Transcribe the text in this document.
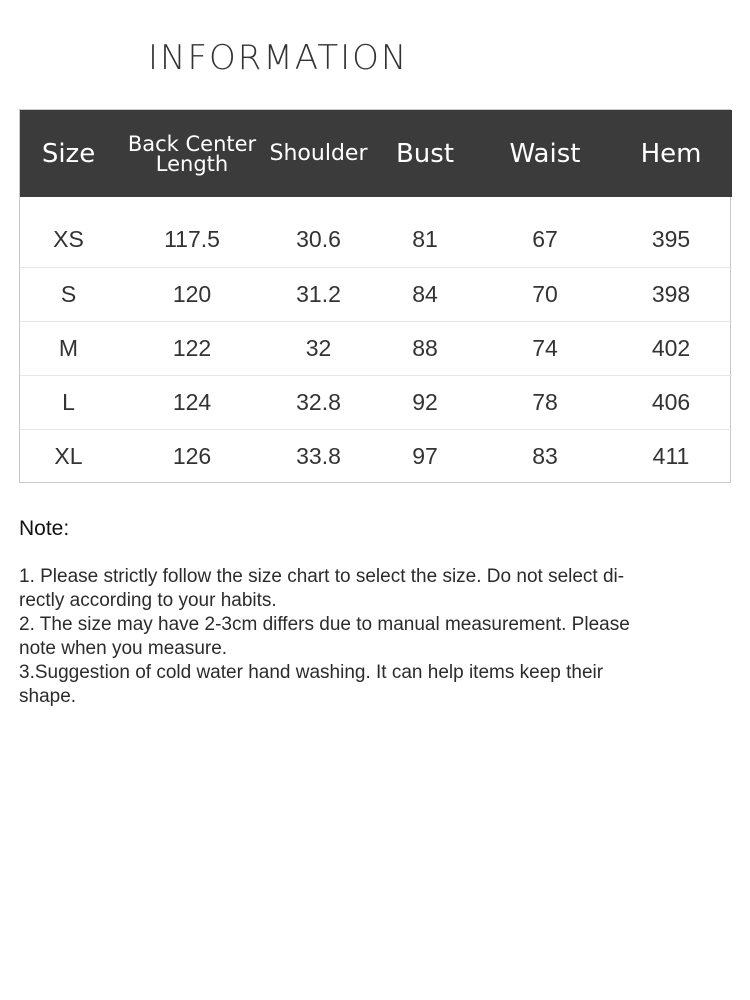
INFORMATION
Size	Back Center
Length	Shoulder	Bust	Waist	Hem

XS	117.5	30.6	81	67	395
S	120	31.2	84	70	398
M	122	32	88	74	402
L	124	32.8	92	78	406
XL	126	33.8	97	83	411
Note:
1. Please strictly follow the size chart to select the size. Do not select di-
rectly according to your habits.
2. The size may have 2-3cm differs due to manual measurement. Please
note when you measure.
3.Suggestion of cold water hand washing. It can help items keep their
shape.
